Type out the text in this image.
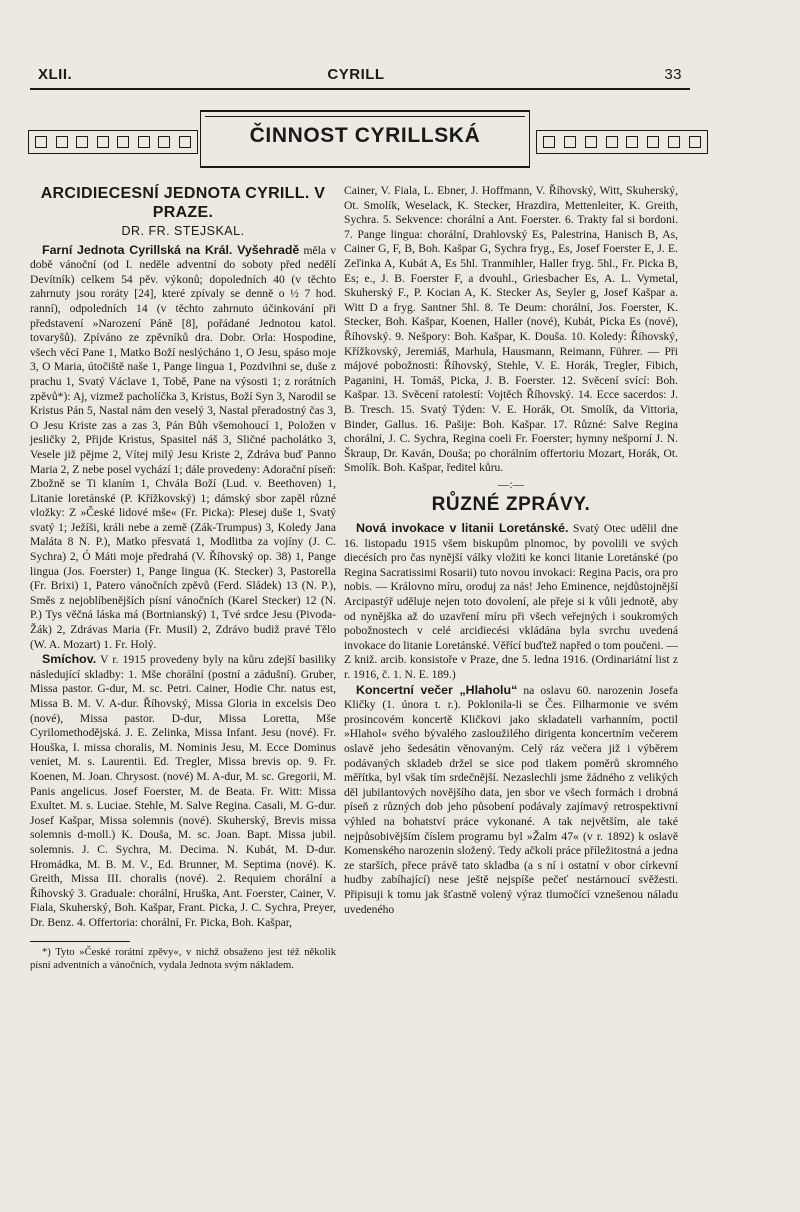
XLII.	CYRILL	33
ČINNOST CYRILLSKÁ
ARCIDIECESNÍ JEDNOTA CYRILL. V PRAZE.
DR. FR. STEJSKAL.

Farní Jednota Cyrillská na Král. Vyšehradě měla v době vánoční (od I. neděle adventní do soboty před nedělí Devítník) celkem 54 pěv. výkonů; dopoledních 40 (v těchto zahrnuty jsou roráty [24], které zpívaly se denně o ½ 7 hod. ranní), odpoledních 14 (v těchto zahrnuto účinkování při představení »Narození Páně [8], pořádané Jednotou katol. tovaryšů). Zpíváno ze zpěvníků dra. Dobr. Orla: Hospodine, všech věcí Pane 1, Matko Boží neslýcháno 1, O Jesu, spáso moje 3, O Maria, útočiště naše 1, Pange lingua 1, Pozdvihni se, duše z prachu 1, Svatý Václave 1, Tobě, Pane na výsosti 1; z rorátních zpěvů*): Aj, vizmež pacholíčka 3, Kristus, Boží Syn 3, Narodil se Kristus Pán 5, Nastal nám den veselý 3, Nastal přeradostný čas 3, O Jesu Kriste zas a zas 3, Pán Bůh všemohoucí 1, Položen v jesličky 2, Přijde Kristus, Spasitel náš 3, Sličné pacholátko 3, Vesele již pějme 2, Vítej milý Jesu Kriste 2, Zdráva buď Panno Maria 2, Z nebe posel vychází 1; dále provedeny: Adorační píseň: Zbožně se Ti klaním 1, Chvála Boží (Lud. v. Beethoven) 1, Litanie loretánské (P. Křížkovský) 1; dámský sbor zapěl různé vložky: Z »České lidové mše« (Fr. Picka): Plesej duše 1, Svatý svatý 1; Ježíši, králi nebe a země (Zák-Trumpus) 3, Koledy Jana Maláta 8 N. P.), Matko přesvatá 1, Modlitba za vojíny (J. C. Sychra) 2, Ó Máti moje předrahá (V. Říhovský op. 38) 1, Pange lingua (Jos. Foerster) 1, Pange lingua (K. Stecker) 3, Pastorella (Fr. Brixi) 1, Patero vánočních zpěvů (Ferd. Sládek) 13 (N. P.), Směs z nejoblíbenějších písní vánočních (Karel Stecker) 12 (N. P.) Tys věčná láska má (Bortnianský) 1, Tvé srdce Jesu (Pivoda-Žák) 2, Zdrávas Maria (Fr. Musil) 2, Zdrávo budiž pravé Tělo (W. A. Mozart) 1. Fr. Holý.

Smíchov. V r. 1915 provedeny byly na kůru zdejší basiliky následující skladby: 1. Mše chorální (postní a zádušní). Gruber, Missa pastor. G-dur, M. sc. Petri. Cainer, Hodie Chr. natus est, Missa B. M. V. A-dur. Říhovský, Missa Gloria in excelsis Deo (nové), Missa pastor. D-dur, Missa Loretta, Mše Cyrilomethodějská. J. E. Zelinka, Missa Infant. Jesu (nové). Fr. Houška, I. missa choralis, M. Nominis Jesu, M. Ecce Dominus veniet, M. s. Laurentii. Ed. Tregler, Missa brevis op. 9. Fr. Koenen, M. Joan. Chrysost. (nové) M. A-dur, M. sc. Gregorii, M. Panis angelicus. Josef Foerster, M. de Beata. Fr. Witt: Missa Exultet. M. s. Luciae. Stehle, M. Salve Regina. Casali, M. G-dur. Josef Kašpar, Missa solemnis (nové). Skuherský, Brevis missa solemnis d-moll.) K. Douša, M. sc. Joan. Bapt. Missa jubil. solemnis. J. C. Sychra, M. Decima. N. Kubát, M. D-dur. Hromádka, M. B. M. V., Ed. Brunner, M. Septima (nové). K. Greith, Missa III. choralis (nové). 2. Requiem chorální a Říhovský 3. Graduale: chorální, Hruška, Ant. Foerster, Cainer, V. Fiala, Skuherský, Boh. Kašpar, Frant. Picka, J. C. Sychra, Preyer, Dr. Benz. 4. Offertoria: chorální, Fr. Picka, Boh. Kašpar,

*) Tyto »České rorátní zpěvy«, v nichž obsaženo jest též několik písní adventních a vánočních, vydala Jednota svým nákladem.

Cainer, V. Fiala, L. Ebner, J. Hoffmann, V. Říhovský, Witt, Skuherský, Ot. Smolík, Weselack, K. Stecker, Hrazdira, Mettenleiter, K. Greith, Sychra. 5. Sekvence: chorální a Ant. Foerster. 6. Trakty fal si bordoni. 7. Pange lingua: chorální, Drahlovský Es, Palestrina, Hanisch B, As, Cainer G, F, B, Boh. Kašpar G, Sychra fryg., Es, Josef Foerster E, J. E. Zeľinka A, Kubát A, Es 5hl. Tranmihler, Haller fryg. 5hl., Fr. Picka B, Es; e., J. B. Foerster F, a dvouhl., Griesbacher Es, A. L. Vymetal, Skuherský F., P. Kocian A, K. Stecker As, Seyler g, Josef Kašpar a. Witt D a fryg. Santner 5hl. 8. Te Deum: chorální, Jos. Foerster, K. Stecker, Boh. Kašpar, Koenen, Haller (nové), Kubát, Picka Es (nové), Říhovský. 9. Nešpory: Boh. Kašpar, K. Douša. 10. Koledy: Říhovský, Křížkovský, Jeremiáš, Marhula, Hausmann, Reimann, Führer. — Při májové pobožnosti: Říhovský, Stehle, V. E. Horák, Tregler, Fibich, Paganini, H. Tomáš, Picka, J. B. Foerster. 12. Svěcení svící: Boh. Kašpar. 13. Svěcení ratolestí: Vojtěch Říhovský. 14. Ecce sacerdos: J. B. Tresch. 15. Svatý Týden: V. E. Horák, Ot. Smolík, da Vittoria, Binder, Gallus. 16. Pašije: Boh. Kašpar. 17. Různé: Salve Regina chorální, J. C. Sychra, Regina coeli Fr. Foerster; hymny nešporní J. N. Škraup, Dr. Kaván, Douša; po chorálním offertoriu Mozart, Horák, Ot. Smolík. Boh. Kašpar, ředitel kůru.

—:—
RŮZNÉ ZPRÁVY.

Nová invokace v litanii Loretánské. Svatý Otec udělil dne 16. listopadu 1915 všem biskupům plnomoc, by povolili ve svých diecésích pro čas nynější války vložiti ke konci litanie Loretánské (po Regina Sacratissimi Rosarii) tuto novou invokaci: Regina Pacis, ora pro nobis. — Královno míru, oroduj za nás! Jeho Eminence, nejdůstojnější Arcipastýř uděluje nejen toto dovolení, ale přeje si k vůli jednotě, aby od nynějška až do uzavření míru při všech veřejných i soukromých pobožnostech v celé arcidiecési vkládána byla svrchu uvedená invokace do litanie Loretánské. Věřící buďtež napřed o tom poučeni. — Z kniž. arcib. konsistoře v Praze, dne 5. ledna 1916. (Ordinariátní list z r. 1916, č. 1. N. E. 189.)

Koncertní večer „Hlaholu“ na oslavu 60. narozenin Josefa Kličky (1. února t. r.). Poklonila-li se Čes. Filharmonie ve svém prosincovém koncertě Kličkovi jako skladateli varhanním, poctil »Hlahol« svého bývalého zasloužilého dirigenta koncertním večerem oslavě jeho šedesátin věnovaným. Celý ráz večera již i výběrem podávaných skladeb držel se sice pod tlakem poměrů skromného měřítka, byl však tím srdečnější. Nezaslechli jsme žádného z velikých děl jubilantových novějšího data, jen sbor ve všech formách i drobná píseň z různých dob jeho působení podávaly zajímavý retrospektivní výhled na bohatství práce vykonané. A tak největším, ale také nejpůsobivějším číslem programu byl »Žalm 47« (v r. 1892) k oslavě Komenského narozenin složený. Tedy ačkoli práce příležitostná a jedna ze starších, přece právě tato skladba (a s ní i ostatní v obor církevní hudby zabíhající) nese ještě nejspíše pečeť nestárnoucí svěžesti. Připisuji k tomu jak šťastně volený výraz tlumočící vznešenou náladu uvedeného
